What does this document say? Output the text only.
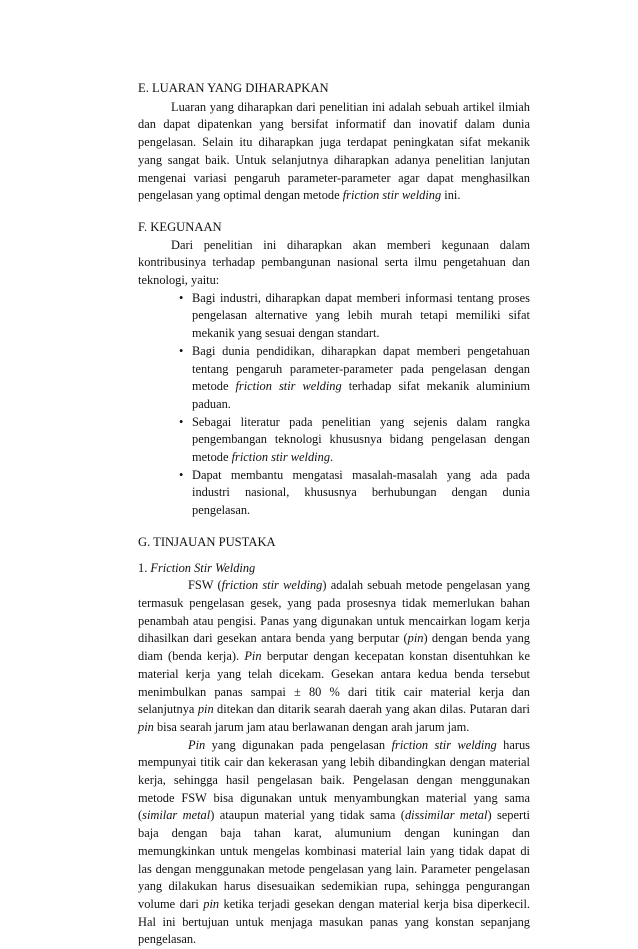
E. LUARAN YANG DIHARAPKAN

Luaran yang diharapkan dari penelitian ini adalah sebuah artikel ilmiah dan dapat dipatenkan yang bersifat informatif dan inovatif dalam dunia pengelasan. Selain itu diharapkan juga terdapat peningkatan sifat mekanik yang sangat baik. Untuk selanjutnya diharapkan adanya penelitian lanjutan mengenai variasi pengaruh parameter-parameter agar dapat menghasilkan pengelasan yang optimal dengan metode friction stir welding ini.

F. KEGUNAAN

Dari penelitian ini diharapkan akan memberi kegunaan dalam kontribusinya terhadap pembangunan nasional serta ilmu pengetahuan dan teknologi, yaitu:

• Bagi industri, diharapkan dapat memberi informasi tentang proses pengelasan alternative yang lebih murah tetapi memiliki sifat mekanik yang sesuai dengan standart.
• Bagi dunia pendidikan, diharapkan dapat memberi pengetahuan tentang pengaruh parameter-parameter pada pengelasan dengan metode friction stir welding terhadap sifat mekanik aluminium paduan.
• Sebagai literatur pada penelitian yang sejenis dalam rangka pengembangan teknologi khususnya bidang pengelasan dengan metode friction stir welding.
• Dapat membantu mengatasi masalah-masalah yang ada pada industri nasional, khususnya berhubungan dengan dunia pengelasan.
G. TINJAUAN PUSTAKA

1. Friction Stir Welding

FSW (friction stir welding) adalah sebuah metode pengelasan yang termasuk pengelasan gesek, yang pada prosesnya tidak memerlukan bahan penambah atau pengisi. Panas yang digunakan untuk mencairkan logam kerja dihasilkan dari gesekan antara benda yang berputar (pin) dengan benda yang diam (benda kerja). Pin berputar dengan kecepatan konstan disentuhkan ke material kerja yang telah dicekam. Gesekan antara kedua benda tersebut menimbulkan panas sampai ± 80 % dari titik cair material kerja dan selanjutnya pin ditekan dan ditarik searah daerah yang akan dilas. Putaran dari pin bisa searah jarum jam atau berlawanan dengan arah jarum jam.

Pin yang digunakan pada pengelasan friction stir welding harus mempunyai titik cair dan kekerasan yang lebih dibandingkan dengan material kerja, sehingga hasil pengelasan baik. Pengelasan dengan menggunakan metode FSW bisa digunakan untuk menyambungkan material yang sama (similar metal) ataupun material yang tidak sama (dissimilar metal) seperti baja dengan baja tahan karat, alumunium dengan kuningan dan memungkinkan untuk mengelas kombinasi material lain yang tidak dapat di las dengan menggunakan metode pengelasan yang lain. Parameter pengelasan yang dilakukan harus disesuaikan sedemikian rupa, sehingga pengurangan volume dari pin ketika terjadi gesekan dengan material kerja bisa diperkecil. Hal ini bertujuan untuk menjaga masukan panas yang konstan sepanjang pengelasan.
